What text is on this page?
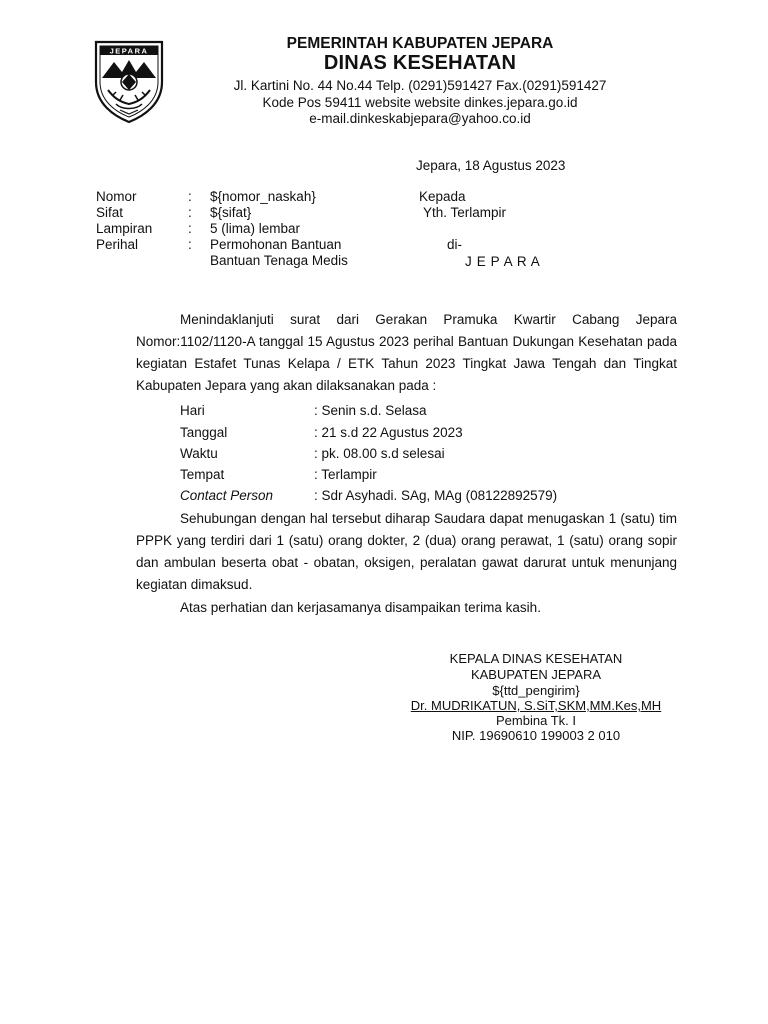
JEPARA	PEMERINTAH KABUPATEN JEPARA
DINAS KESEHATAN
Jl. Kartini No. 44 No.44 Telp. (0291)591427 Fax.(0291)591427
Kode Pos 59411 website website dinkes.jepara.go.id
e-mail.dinkeskabjepara@yahoo.co.id
Jepara, 18 Agustus 2023
Nomor	: ${nomor_naskah}
Sifat	: ${sifat}
Lampiran	: 5 (lima) lembar
Perihal	: Permohonan Bantuan
Bantuan Tenaga Medis
Kepada
Yth. Terlampir
di-
J E P A R A
Menindaklanjuti surat dari Gerakan Pramuka Kwartir Cabang Jepara Nomor:1102/1120-A tanggal 15 Agustus 2023 perihal Bantuan Dukungan Kesehatan pada kegiatan Estafet Tunas Kelapa / ETK Tahun 2023 Tingkat Jawa Tengah dan Tingkat Kabupaten Jepara yang akan dilaksanakan pada :
Hari	: Senin s.d. Selasa
Tanggal	: 21 s.d 22 Agustus 2023
Waktu	: pk. 08.00 s.d selesai
Tempat	: Terlampir
Contact Person	: Sdr Asyhadi. SAg, MAg (08122892579)
Sehubungan dengan hal tersebut diharap Saudara dapat menugaskan 1 (satu) tim PPPK yang terdiri dari 1 (satu) orang dokter, 2 (dua) orang perawat, 1 (satu) orang sopir dan ambulan beserta obat - obatan, oksigen, peralatan gawat darurat untuk menunjang kegiatan dimaksud.
Atas perhatian dan kerjasamanya disampaikan terima kasih.
KEPALA DINAS KESEHATAN
KABUPATEN JEPARA
${ttd_pengirim}
Dr. MUDRIKATUN, S.SiT,SKM,MM.Kes,MH
Pembina Tk. I
NIP. 19690610 199003 2 010
